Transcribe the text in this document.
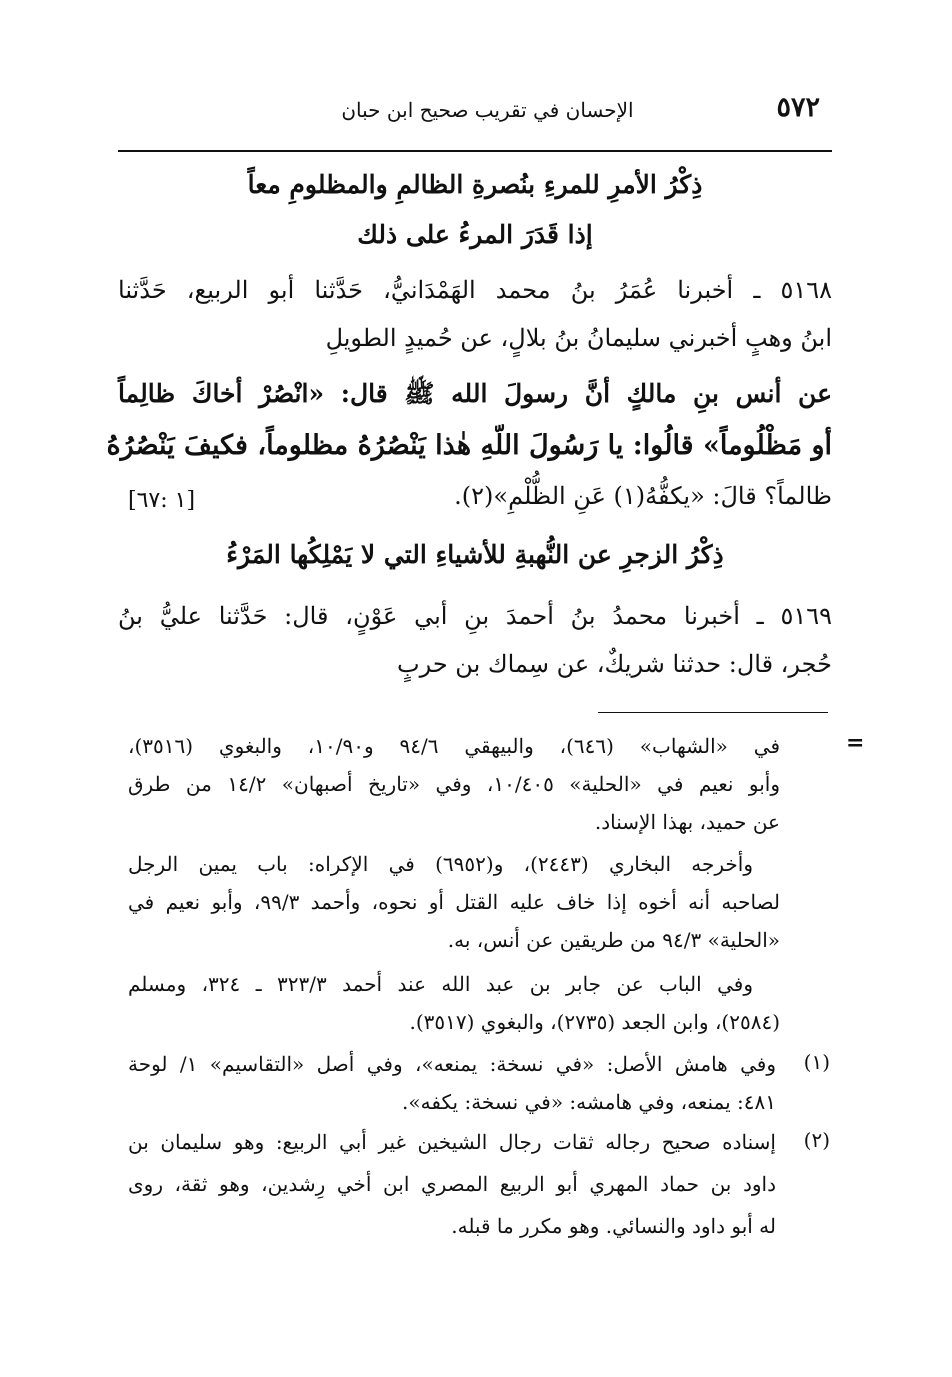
٥٧٢
الإحسان في تقريب صحيح ابن حبان
ذِكْرُ الأمرِ للمرءِ بنُصرةِ الظالمِ والمظلومِ معاً
إذا قَدَرَ المرءُ على ذلك
٥١٦٨ ـ أخبرنا عُمَرُ بنُ محمد الهَمْدَانيُّ، حَدَّثنا أبو الربيع، حَدَّثنا
ابنُ وهبٍ أخبرني سليمانُ بنُ بلالٍ، عن حُميدٍ الطويلِ
عن أنس بنِ مالكٍ أنَّ رسولَ الله ﷺ قال: «انْصُرْ أخاكَ ظالِماً
أو مَظْلُوماً» قالُوا: يا رَسُولَ اللّهِ هٰذا يَنْصُرُهُ مظلوماً، فكيفَ يَنْصُرُهُ
ظالماً؟ قالَ: «يكفُّهُ(١) عَنِ الظُّلْمِ»(٢).
[١ :٦٧]
ذِكْرُ الزجرِ عن النُّهبةِ للأشياءِ التي لا يَمْلِكُها المَرْءُ
٥١٦٩ ـ أخبرنا محمدُ بنُ أحمدَ بنِ أبي عَوْنٍ، قال: حَدَّثنا عليُّ بنُ
حُجر، قال: حدثنا شريكٌ، عن سِماك بن حربٍ
=
في «الشهاب» (٦٤٦)، والبيهقي ٩٤/٦ و١٠/٩٠، والبغوي (٣٥١٦)،
وأبو نعيم في «الحلية» ١٠/٤٠٥، وفي «تاريخ أصبهان» ١٤/٢ من طرق
عن حميد، بهذا الإسناد.
وأخرجه البخاري (٢٤٤٣)، و(٦٩٥٢) في الإكراه: باب يمين الرجل
لصاحبه أنه أخوه إذا خاف عليه القتل أو نحوه، وأحمد ٩٩/٣، وأبو نعيم في
«الحلية» ٩٤/٣ من طريقين عن أنس، به.
وفي الباب عن جابر بن عبد الله عند أحمد ٣٢٣/٣ ـ ٣٢٤، ومسلم
(٢٥٨٤)، وابن الجعد (٢٧٣٥)، والبغوي (٣٥١٧).
(١)
وفي هامش الأصل: «في نسخة: يمنعه»، وفي أصل «التقاسيم» ١/ لوحة
٤٨١: يمنعه، وفي هامشه: «في نسخة: يكفه».
(٢)
إسناده صحيح رجاله ثقات رجال الشيخين غير أبي الربيع: وهو سليمان بن
داود بن حماد المهري أبو الربيع المصري ابن أخي رِشدين، وهو ثقة، روى
له أبو داود والنسائي. وهو مكرر ما قبله.
